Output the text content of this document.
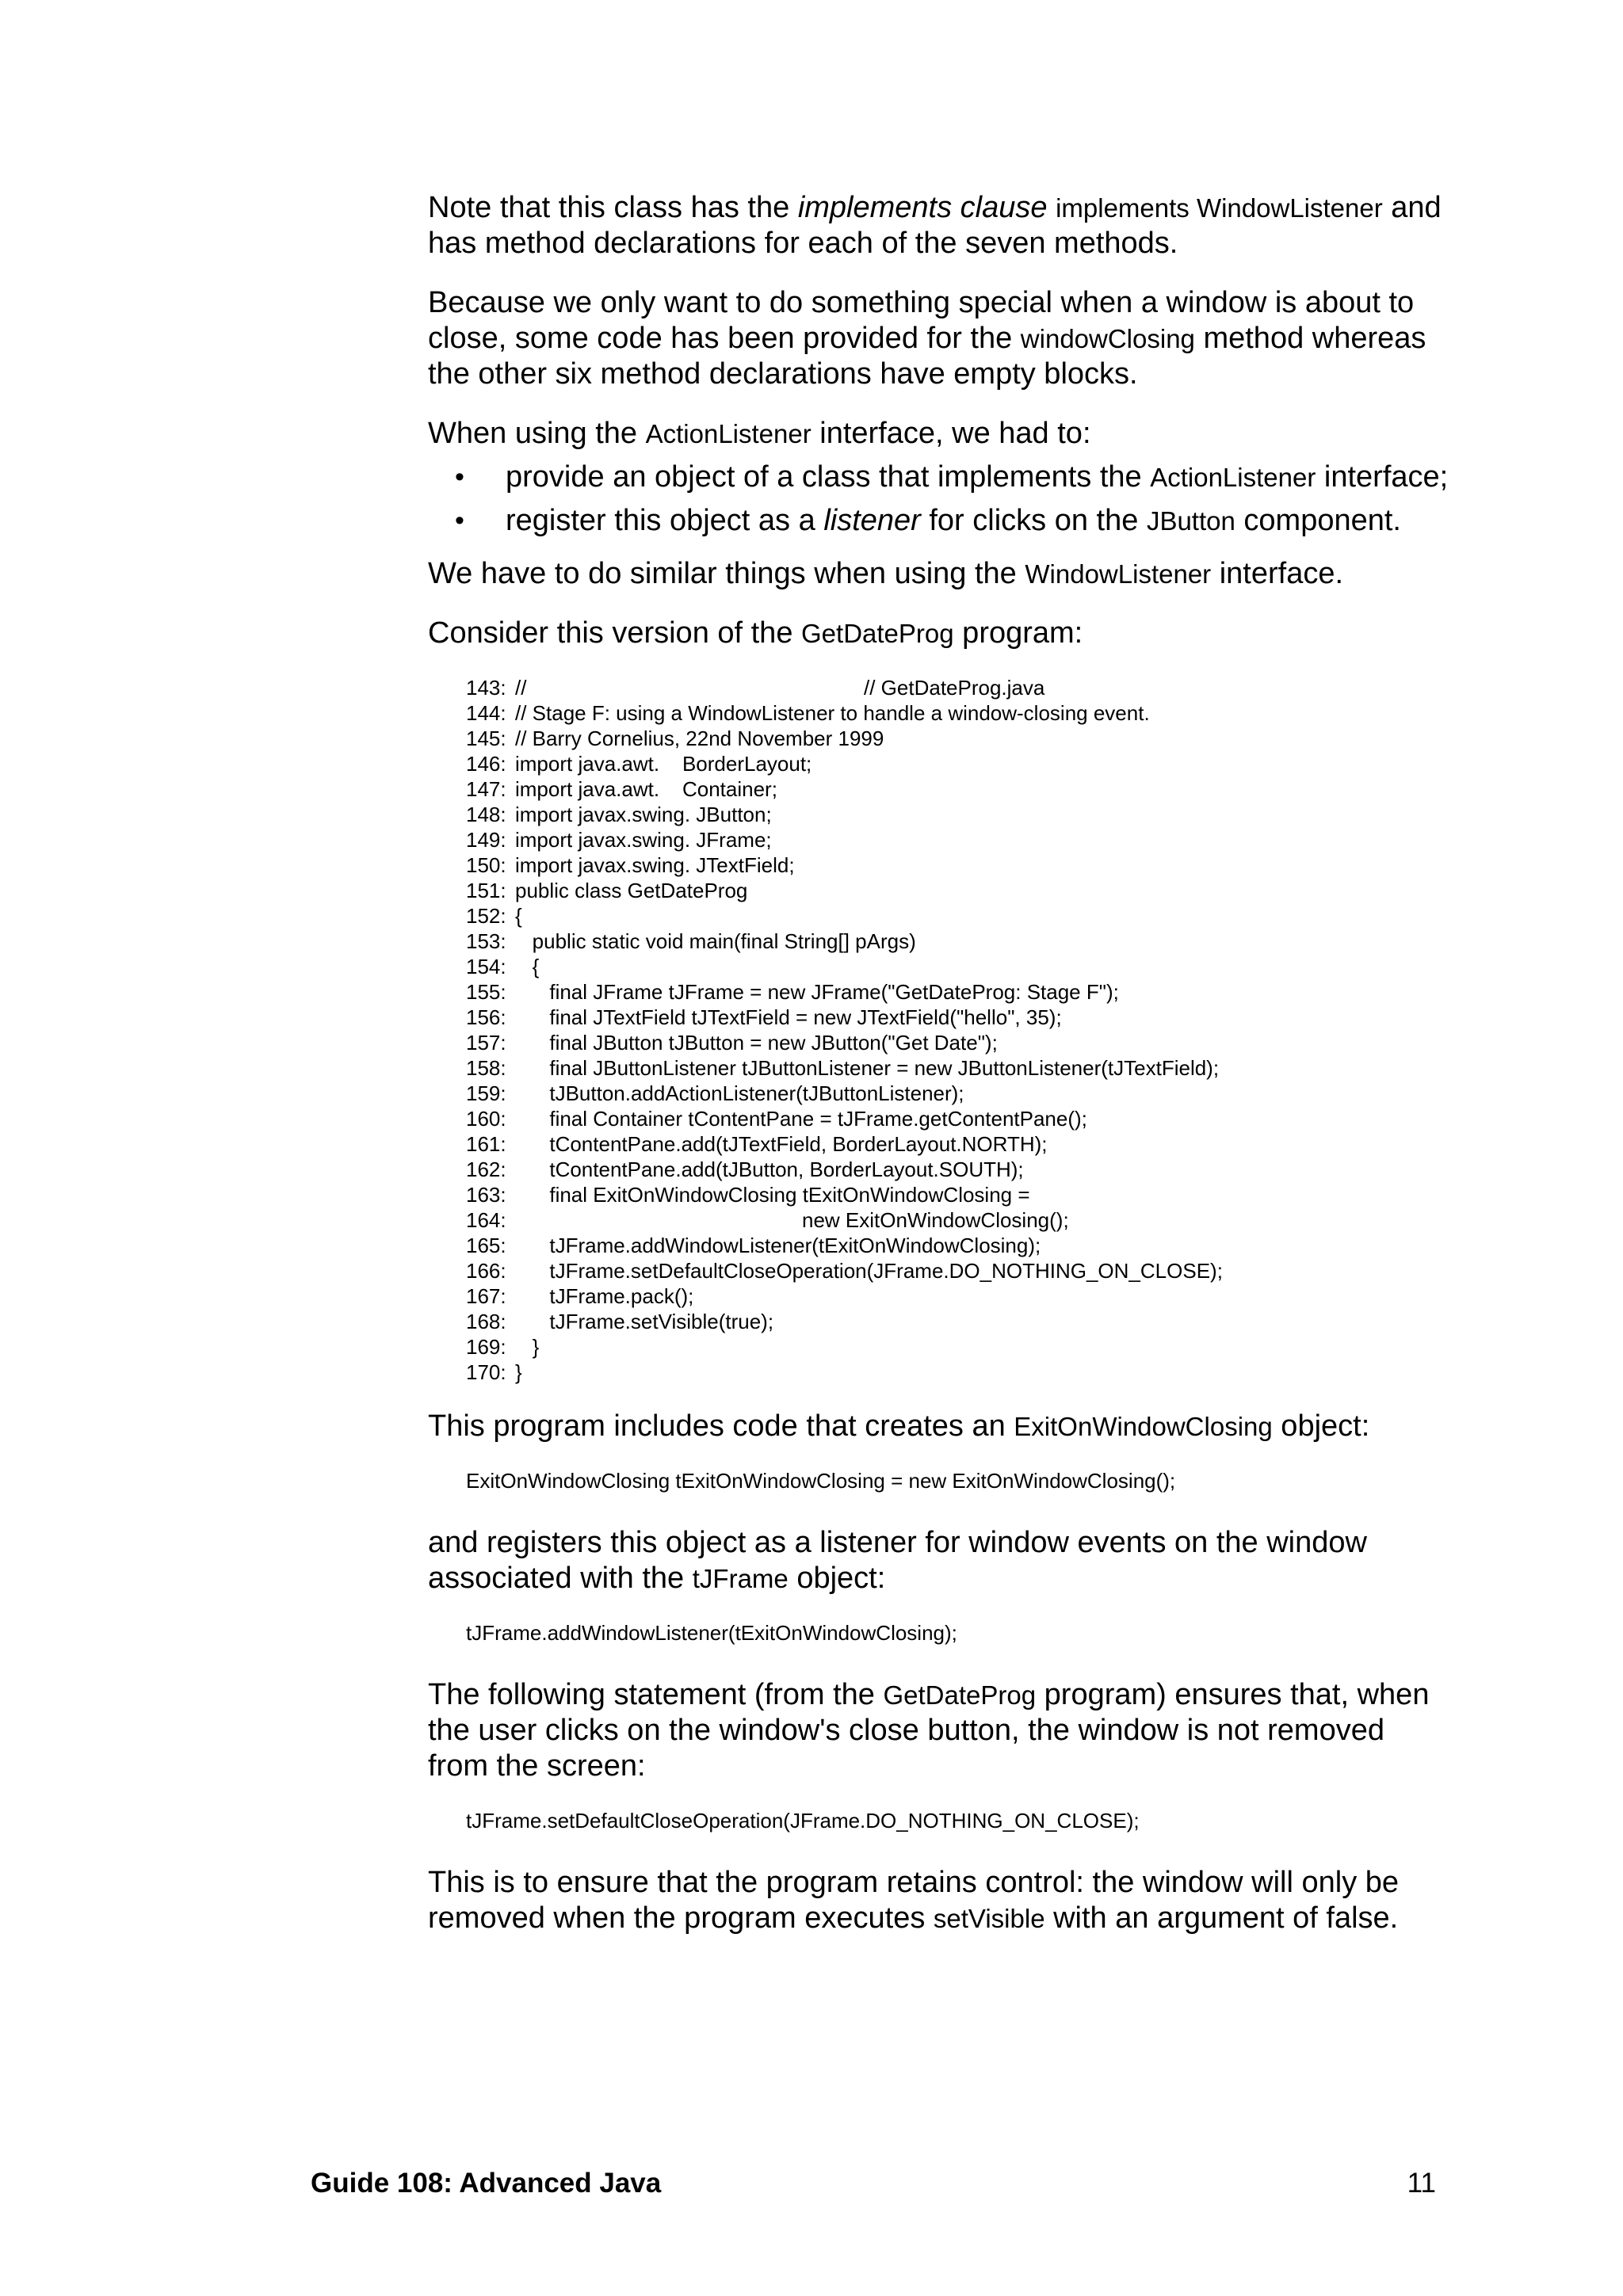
Note that this class has the implements clause implements WindowListener and has method declarations for each of the seven methods.

Because we only want to do something special when a window is about to close, some code has been provided for the windowClosing method whereas the other six method declarations have empty blocks.

When using the ActionListener interface, we had to:

• provide an object of a class that implements the ActionListener interface;
• register this object as a listener for clicks on the JButton component.

We have to do similar things when using the WindowListener interface.

Consider this version of the GetDateProg program:

143: //	// GetDateProg.java
144: // Stage F: using a WindowListener to handle a window-closing event.
145: // Barry Cornelius, 22nd November 1999
146: import java.awt.    BorderLayout;
147: import java.awt.    Container;
148: import javax.swing. JButton;
149: import javax.swing. JFrame;
150: import javax.swing. JTextField;
151: public class GetDateProg
152: {
153: public static void main(final String[] pArgs)
154: {
155: final JFrame tJFrame = new JFrame("GetDateProg: Stage F");
156: final JTextField tJTextField = new JTextField("hello", 35);
157: final JButton tJButton = new JButton("Get Date");
158: final JButtonListener tJButtonListener = new JButtonListener(tJTextField);
159: tJButton.addActionListener(tJButtonListener);
160: final Container tContentPane = tJFrame.getContentPane();
161: tContentPane.add(tJTextField, BorderLayout.NORTH);
162: tContentPane.add(tJButton, BorderLayout.SOUTH);
163: final ExitOnWindowClosing tExitOnWindowClosing =
164:	new ExitOnWindowClosing();
165: tJFrame.addWindowListener(tExitOnWindowClosing);
166: tJFrame.setDefaultCloseOperation(JFrame.DO_NOTHING_ON_CLOSE);
167: tJFrame.pack();
168: tJFrame.setVisible(true);
169: }
170: }

This program includes code that creates an ExitOnWindowClosing object:

ExitOnWindowClosing tExitOnWindowClosing = new ExitOnWindowClosing();

and registers this object as a listener for window events on the window associated with the tJFrame object:

tJFrame.addWindowListener(tExitOnWindowClosing);

The following statement (from the GetDateProg program) ensures that, when the user clicks on the window's close button, the window is not removed from the screen:

tJFrame.setDefaultCloseOperation(JFrame.DO_NOTHING_ON_CLOSE);

This is to ensure that the program retains control: the window will only be removed when the program executes setVisible with an argument of false.

Guide 108: Advanced Java	11
